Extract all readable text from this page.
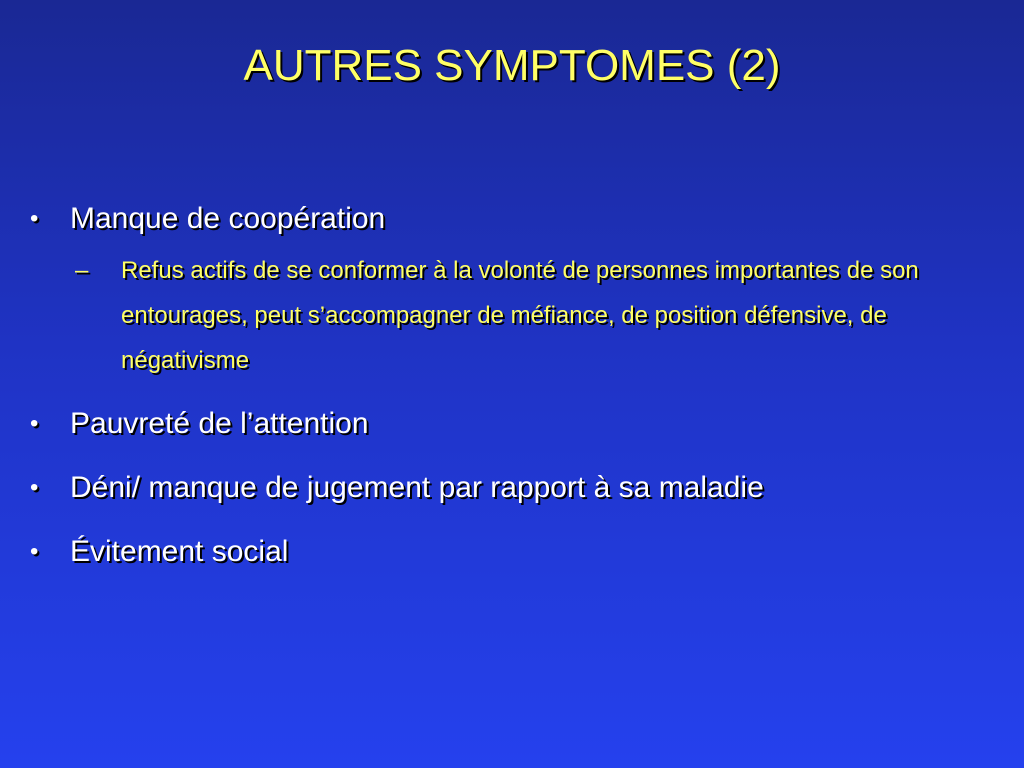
AUTRES SYMPTOMES (2)
• Manque de coopération
– Refus actifs de se conformer à la volonté de personnes importantes de son entourages, peut s’accompagner de méfiance, de position défensive, de négativisme
• Pauvreté de l’attention
• Déni/ manque de jugement par rapport à sa maladie
• Évitement social
